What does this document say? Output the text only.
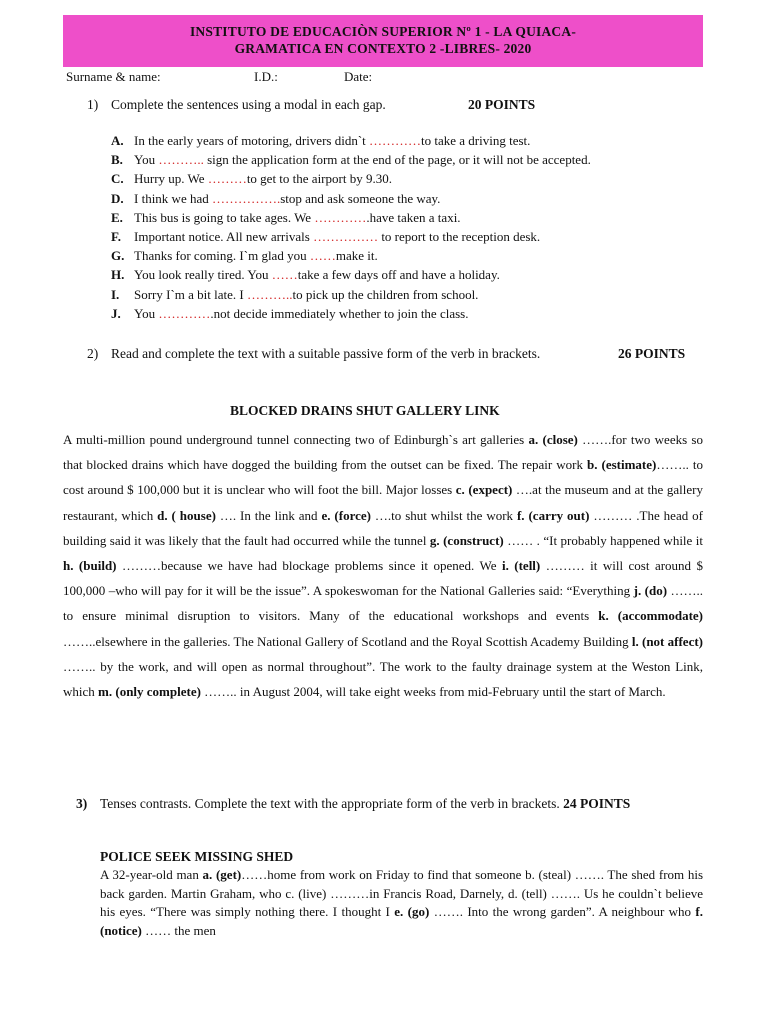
INSTITUTO DE EDUCACIÒN SUPERIOR Nº 1 - LA QUIACA-
GRAMATICA EN CONTEXTO 2 -LIBRES- 2020
Surname & name:	I.D.:	Date:
1) Complete the sentences using a modal in each gap.	20 POINTS
A. In the early years of motoring, drivers didn`t …………to take a driving test.
B. You ……….. sign the application form at the end of the page, or it will not be accepted.
C. Hurry up. We ………to get to the airport by 9.30.
D. I think we had …………….stop and ask someone the way.
E. This bus is going to take ages. We ………….have taken a taxi.
F. Important notice. All new arrivals …………… to report to the reception desk.
G. Thanks for coming. I`m glad you ……make it.
H. You look really tired. You ……take a few days off and have a holiday.
I. Sorry I`m a bit late. I ………..to pick up the children from school.
J. You ………….not decide immediately whether to join the class.
2) Read and complete the text with a suitable passive form of the verb in brackets.	26 POINTS
BLOCKED DRAINS SHUT GALLERY LINK
A multi-million pound underground tunnel connecting two of Edinburgh`s art galleries a. (close) …….for two weeks so that blocked drains which have dogged the building from the outset can be fixed. The repair work b. (estimate)…….. to cost around $ 100,000 but it is unclear who will foot the bill. Major losses c. (expect) ….at the museum and at the gallery restaurant, which d. ( house) …. In the link and e. (force) ….to shut whilst the work f. (carry out) ……… .The head of building said it was likely that the fault had occurred while the tunnel g. (construct) …… . “It probably happened while it h. (build) ………because we have had blockage problems since it opened. We i. (tell) ……… it will cost around $ 100,000 –who will pay for it will be the issue”. A spokeswoman for the National Galleries said: “Everything j. (do) …….. to ensure minimal disruption to visitors. Many of the educational workshops and events k. (accommodate) ……..elsewhere in the galleries. The National Gallery of Scotland and the Royal Scottish Academy Building l. (not affect) …….. by the work, and will open as normal throughout”. The work to the faulty drainage system at the Weston Link, which m. (only complete) …….. in August 2004, will take eight weeks from mid-February until the start of March.
3) Tenses contrasts. Complete the text with the appropriate form of the verb in brackets. 24 POINTS
POLICE SEEK MISSING SHED
A 32-year-old man a. (get)……home from work on Friday to find that someone b. (steal) ……. The shed from his back garden. Martin Graham, who c. (live) ………in Francis Road, Darnely, d. (tell) ……. Us he couldn`t believe his eyes. “There was simply nothing there. I thought I e. (go) ……. Into the wrong garden”. A neighbour who f. (notice) …… the men
